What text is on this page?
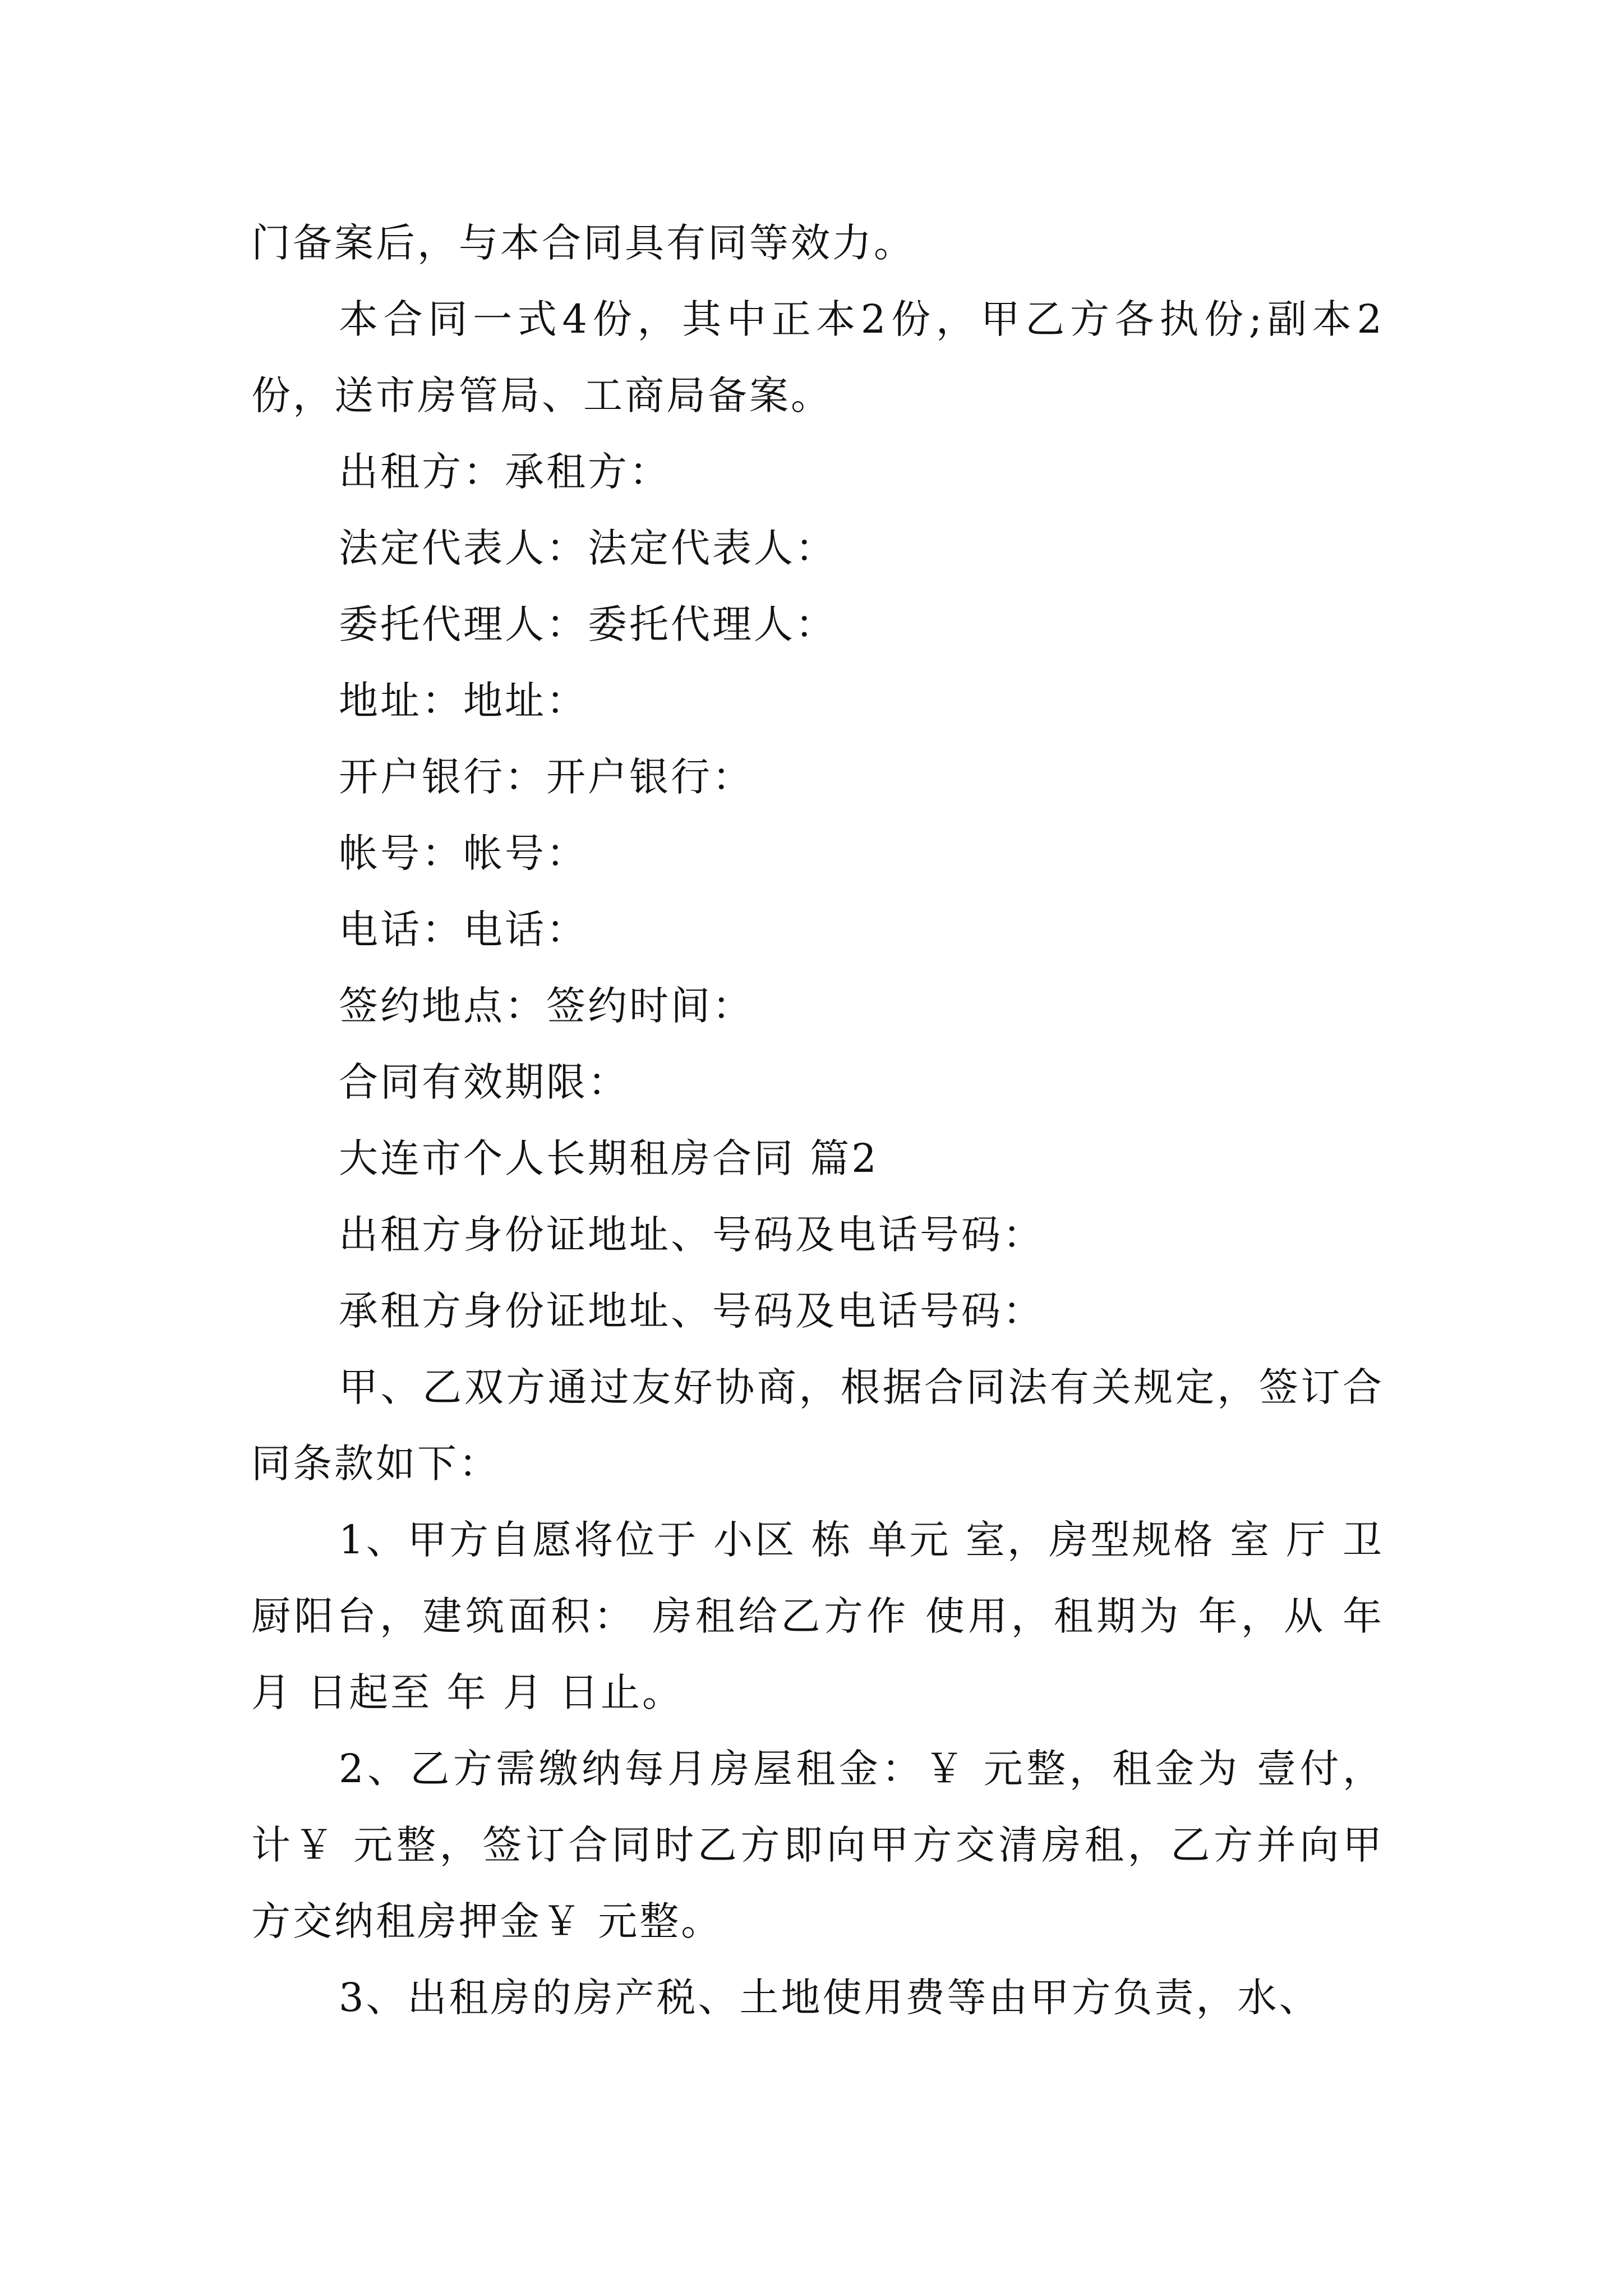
门备案后，与本合同具有同等效力。

本合同一式4份，其中正本2份，甲乙方各执份;副本2份，送市房管局、工商局备案。

出租方：承租方：

法定代表人：法定代表人：

委托代理人：委托代理人：

地址：地址：

开户银行：开户银行：

帐号：帐号：

电话：电话：

签约地点：签约时间：

合同有效期限：

大连市个人长期租房合同 篇2

出租方身份证地址、号码及电话号码：

承租方身份证地址、号码及电话号码：

甲、乙双方通过友好协商，根据合同法有关规定，签订合同条款如下：

1、甲方自愿将位于 小区 栋 单元 室，房型规格 室 厅 卫 厨阳台，建筑面积： 房租给乙方作 使用，租期为 年，从 年 月 日起至 年 月 日止。

2、乙方需缴纳每月房屋租金：￥ 元整，租金为 壹付，计￥ 元整，签订合同时乙方即向甲方交清房租，乙方并向甲方交纳租房押金￥ 元整。

3、出租房的房产税、土地使用费等由甲方负责，水、
